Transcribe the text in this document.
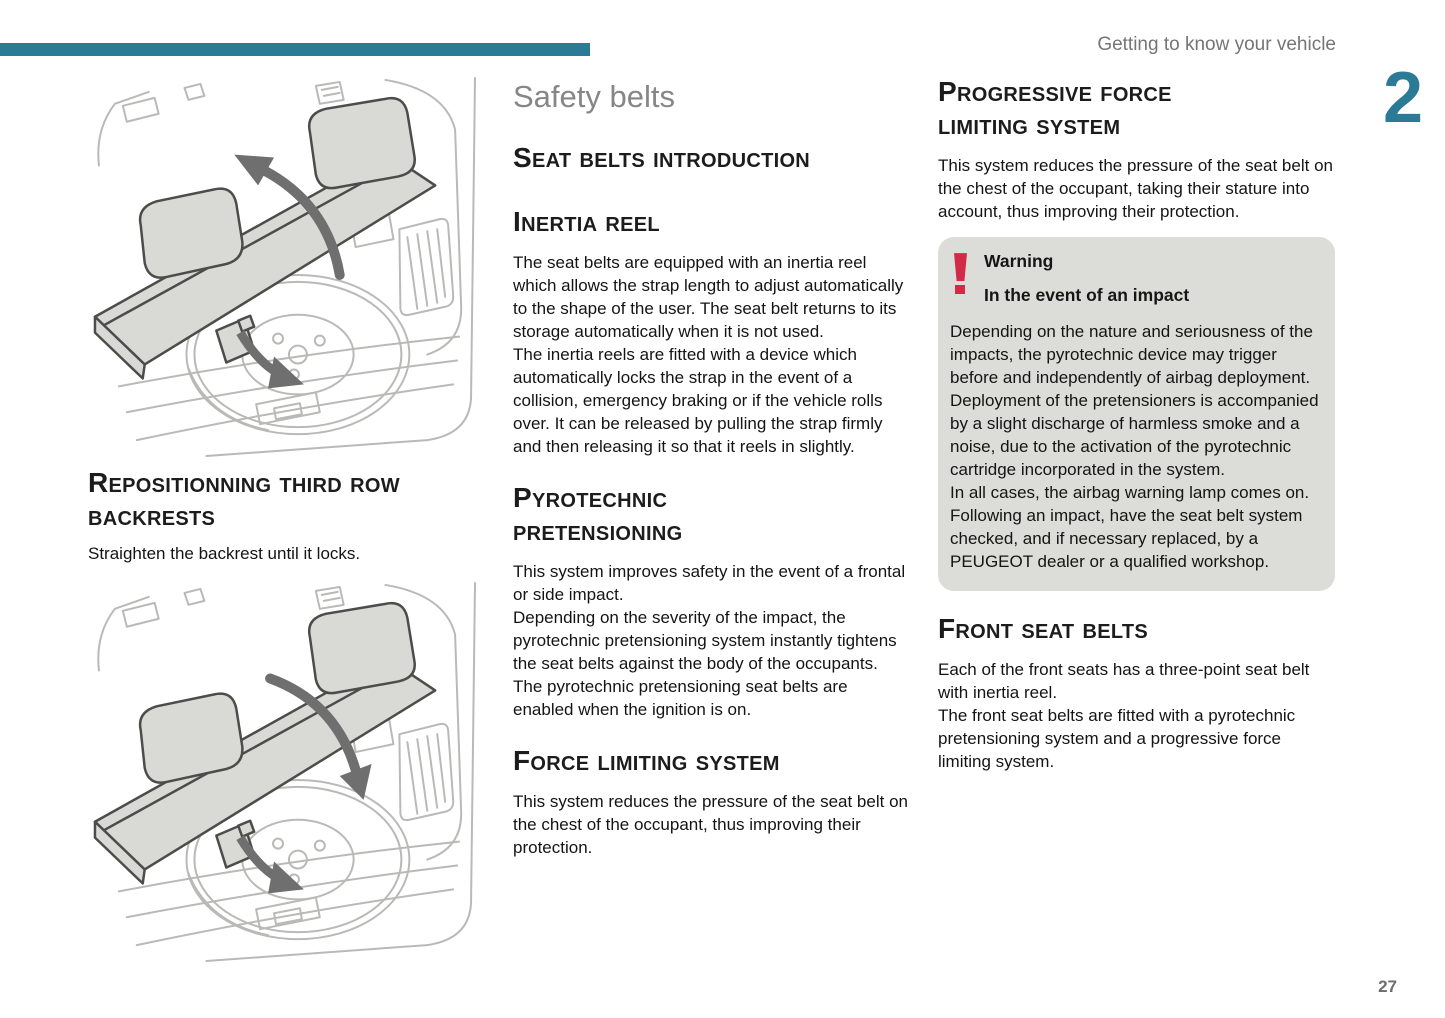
Getting to know your vehicle
2
Repositionning third row
backrests

Straighten the backrest until it locks.

Safety belts
Seat belts introduction
Inertia reel

The seat belts are equipped with an inertia reel which allows the strap length to adjust automatically to the shape of the user. The seat belt returns to its storage automatically when it is not used.

The inertia reels are fitted with a device which automatically locks the strap in the event of a collision, emergency braking or if the vehicle rolls over. It can be released by pulling the strap firmly and then releasing it so that it reels in slightly.

Pyrotechnic
pretensioning

This system improves safety in the event of a frontal or side impact.

Depending on the severity of the impact, the pyrotechnic pretensioning system instantly tightens the seat belts against the body of the occupants.

The pyrotechnic pretensioning seat belts are enabled when the ignition is on.

Force limiting system

This system reduces the pressure of the seat belt on the chest of the occupant, thus improving their protection.

Progressive force
limiting system

This system reduces the pressure of the seat belt on the chest of the occupant, taking their stature into account, thus improving their protection.

Warning
In the event of an impact

Depending on the nature and seriousness of the impacts, the pyrotechnic device may trigger before and independently of airbag deployment. Deployment of the pretensioners is accompanied by a slight discharge of harmless smoke and a noise, due to the activation of the pyrotechnic cartridge incorporated in the system.

In all cases, the airbag warning lamp comes on.

Following an impact, have the seat belt system checked, and if necessary replaced, by a PEUGEOT dealer or a qualified workshop.

Front seat belts

Each of the front seats has a three-point seat belt with inertia reel.

The front seat belts are fitted with a pyrotechnic pretensioning system and a progressive force limiting system.

27
